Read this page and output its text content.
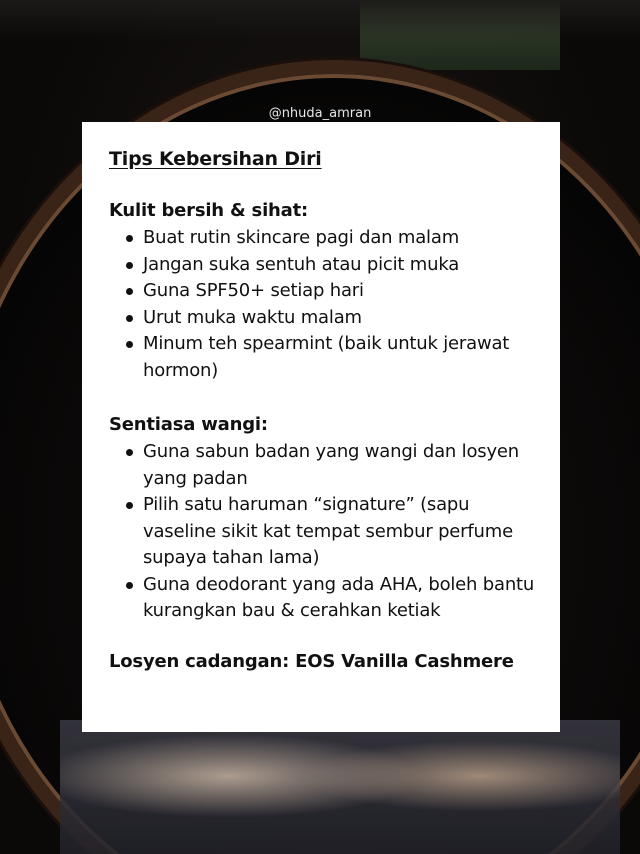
@nhuda_amran
Tips Kebersihan Diri
Kulit bersih & sihat:
Buat rutin skincare pagi dan malam
Jangan suka sentuh atau picit muka
Guna SPF50+ setiap hari
Urut muka waktu malam
Minum teh spearmint (baik untuk jerawat hormon)
Sentiasa wangi:
Guna sabun badan yang wangi dan losyen yang padan
Pilih satu haruman “signature” (sapu vaseline sikit kat tempat sembur perfume supaya tahan lama)
Guna deodorant yang ada AHA, boleh bantu kurangkan bau & cerahkan ketiak
Losyen cadangan: EOS Vanilla Cashmere
